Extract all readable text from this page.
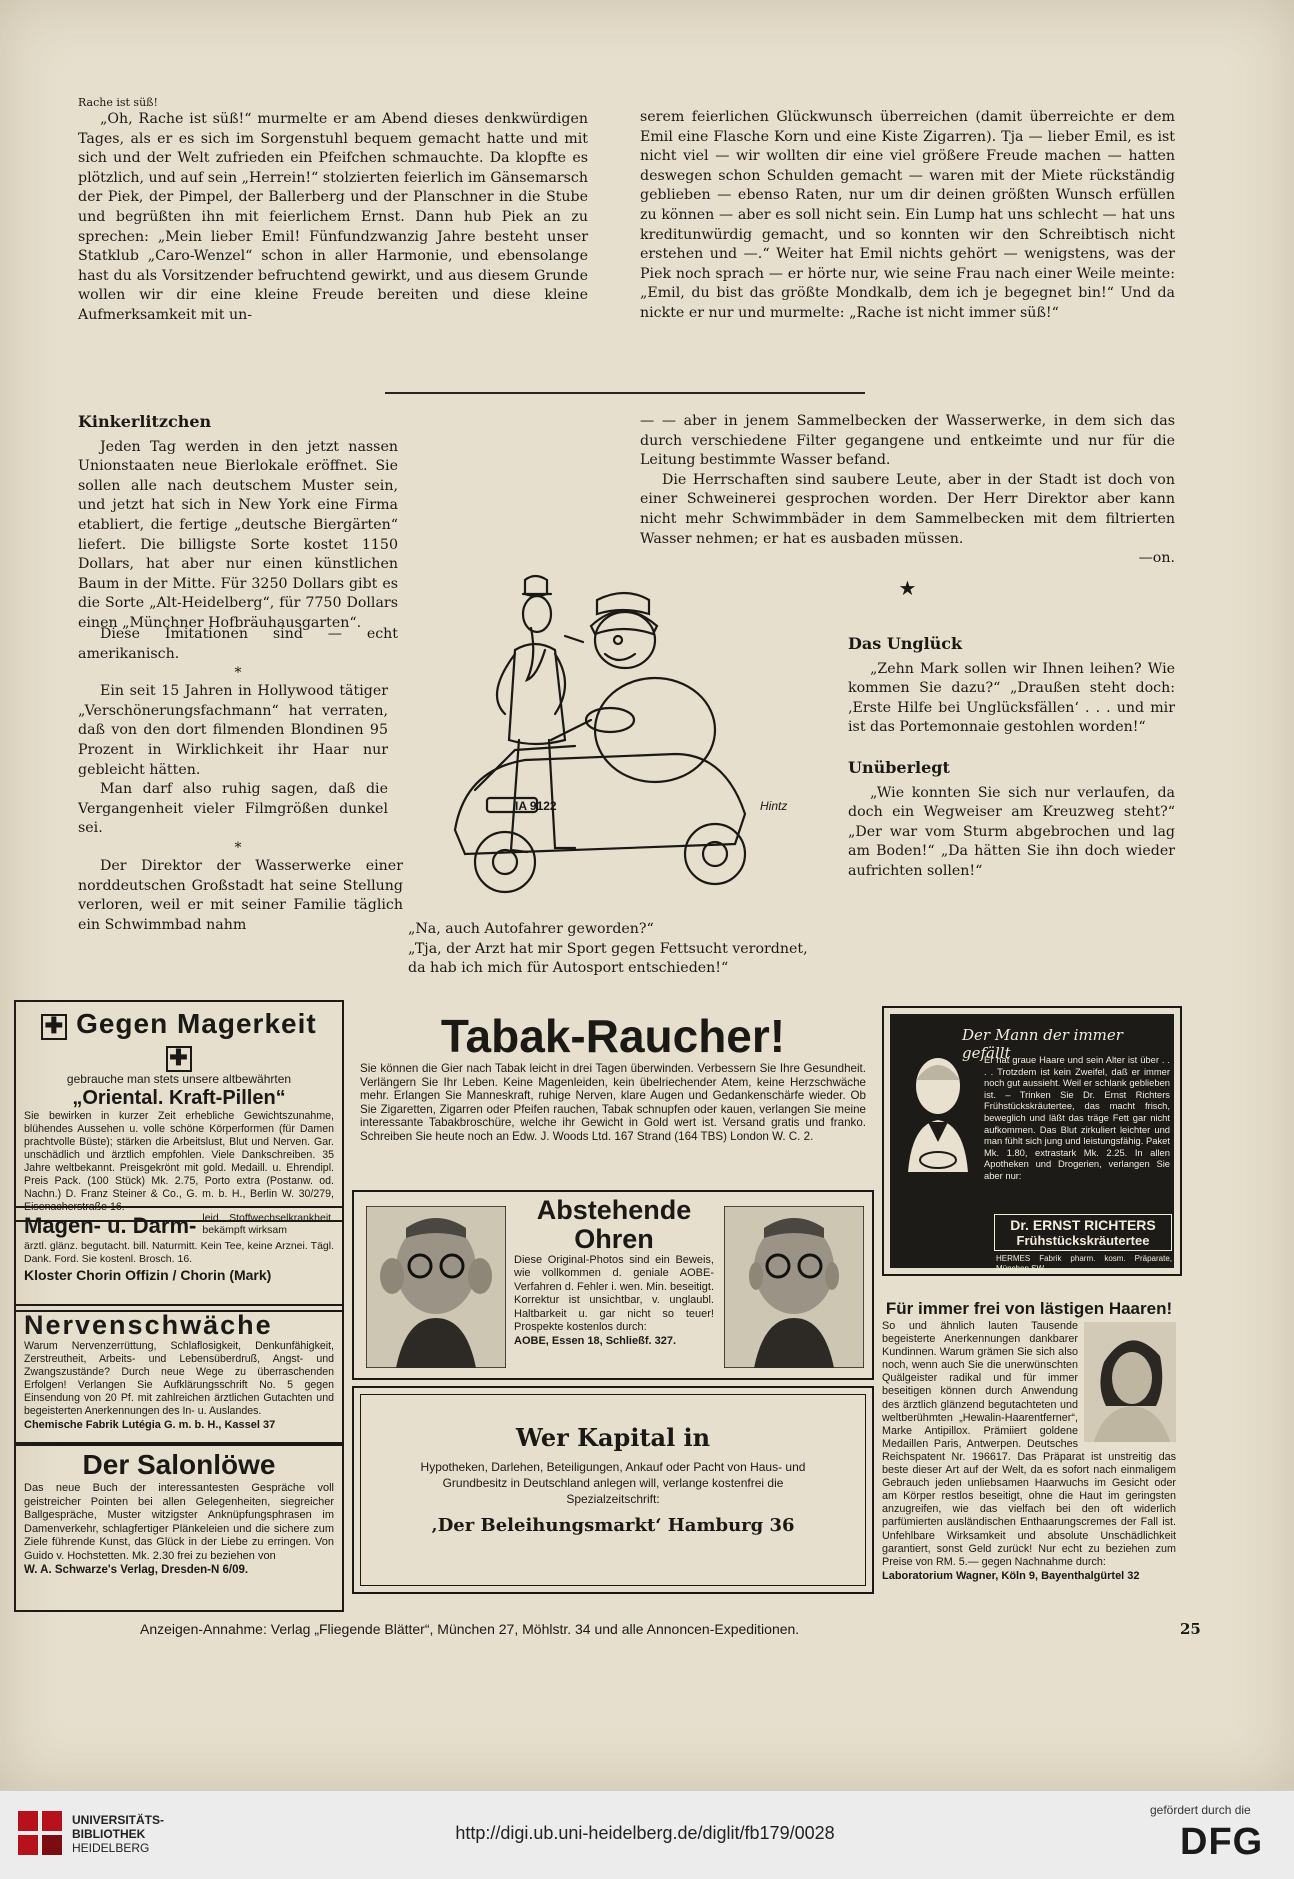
Rache ist süß!

„Oh, Rache ist süß!“ murmelte er am Abend dieses denkwürdigen Tages, als er es sich im Sorgenstuhl bequem gemacht hatte und mit sich und der Welt zufrieden ein Pfeifchen schmauchte. Da klopfte es plötzlich, und auf sein „Herrein!“ stolzierten feierlich im Gänsemarsch der Piek, der Pimpel, der Ballerberg und der Planschner in die Stube und begrüßten ihn mit feierlichem Ernst. Dann hub Piek an zu sprechen: „Mein lieber Emil! Fünfundzwanzig Jahre besteht unser Statklub „Caro-Wenzel“ schon in aller Harmonie, und ebensolange hast du als Vorsitzender befruchtend gewirkt, und aus diesem Grunde wollen wir dir eine kleine Freude bereiten und diese kleine Aufmerksamkeit mit un-

serem feierlichen Glückwunsch überreichen (damit überreichte er dem Emil eine Flasche Korn und eine Kiste Zigarren). Tja — lieber Emil, es ist nicht viel — wir wollten dir eine viel größere Freude machen — hatten deswegen schon Schulden gemacht — waren mit der Miete rückständig geblieben — ebenso Raten, nur um dir deinen größten Wunsch erfüllen zu können — aber es soll nicht sein. Ein Lump hat uns schlecht — hat uns kreditunwürdig gemacht, und so konnten wir den Schreibtisch nicht erstehen und —.“ Weiter hat Emil nichts gehört — wenigstens, was der Piek noch sprach — er hörte nur, wie seine Frau nach einer Weile meinte: „Emil, du bist das größte Mondkalb, dem ich je begegnet bin!“ Und da nickte er nur und murmelte: „Rache ist nicht immer süß!“

Kinkerlitzchen

Jeden Tag werden in den jetzt nassen Unionstaaten neue Bierlokale eröffnet. Sie sollen alle nach deutschem Muster sein, und jetzt hat sich in New York eine Firma etabliert, die fertige „deutsche Biergärten“ liefert. Die billigste Sorte kostet 1150 Dollars, hat aber nur einen künstlichen Baum in der Mitte. Für 3250 Dollars gibt es die Sorte „Alt-Heidelberg“, für 7750 Dollars einen „Münchner Hofbräuhausgarten“.

Diese Imitationen sind — echt amerikanisch.

*

Ein seit 15 Jahren in Hollywood tätiger „Verschönerungsfachmann“ hat verraten, daß von den dort filmenden Blondinen 95 Prozent in Wirklichkeit ihr Haar nur gebleicht hätten.

Man darf also ruhig sagen, daß die Vergangenheit vieler Filmgrößen dunkel sei.

*

Der Direktor der Wasserwerke einer norddeutschen Großstadt hat seine Stellung verloren, weil er mit seiner Familie täglich ein Schwimmbad nahm

IA 9122	Hintz

„Na, auch Autofahrer geworden?“

„Tja, der Arzt hat mir Sport gegen Fettsucht verordnet, da hab ich mich für Autosport entschieden!“

— — aber in jenem Sammelbecken der Wasserwerke, in dem sich das durch verschiedene Filter gegangene und entkeimte und nur für die Leitung bestimmte Wasser befand.

Die Herrschaften sind saubere Leute, aber in der Stadt ist doch von einer Schweinerei gesprochen worden. Der Herr Direktor aber kann nicht mehr Schwimmbäder in dem Sammelbecken mit dem filtrierten Wasser nehmen; er hat es ausbaden müssen.

—on.
★
Das Unglück

„Zehn Mark sollen wir Ihnen leihen? Wie kommen Sie dazu?“ „Draußen steht doch: ‚Erste Hilfe bei Unglücksfällen‘ . . . und mir ist das Portemonnaie gestohlen worden!“

Unüberlegt

„Wie konnten Sie sich nur verlaufen, da doch ein Wegweiser am Kreuzweg steht?“ „Der war vom Sturm abgebrochen und lag am Boden!“ „Da hätten Sie ihn doch wieder aufrichten sollen!“

✚ Gegen Magerkeit ✚
gebrauche man stets unsere altbewährten
„Oriental. Kraft-Pillen“
Sie bewirken in kurzer Zeit erhebliche Gewichtszunahme, blühendes Aussehen u. volle schöne Körperformen (für Damen prachtvolle Büste); stärken die Arbeitslust, Blut und Nerven. Gar. unschädlich und ärztlich empfohlen. Viele Dankschreiben. 35 Jahre weltbekannt. Preisgekrönt mit gold. Medaill. u. Ehrendipl. Preis Pack. (100 Stück) Mk. 2.75, Porto extra (Postanw. od. Nachn.) D. Franz Steiner & Co., G. m. b. H., Berlin W. 30/279, Eisenacherstraße 16.
Magen- u. Darm- leid., Stoffwechselkrankheit. bekämpft wirksam
ärztl. glänz. begutacht. bill. Naturmitt. Kein Tee, keine Arznei. Tägl. Dank. Ford. Sie kostenl. Brosch. 16.
Kloster Chorin Offizin / Chorin (Mark)
Nervenschwäche
Warum Nervenzerrüttung, Schlaflosigkeit, Denkunfähigkeit, Zerstreutheit, Arbeits- und Lebensüberdruß, Angst- und Zwangszustände? Durch neue Wege zu überraschenden Erfolgen! Verlangen Sie Aufklärungsschrift No. 5 gegen Einsendung von 20 Pf. mit zahlreichen ärztlichen Gutachten und begeisterten Anerkennungen des In- u. Auslandes.
Chemische Fabrik Lutégia G. m. b. H., Kassel 37
Der Salonlöwe
Das neue Buch der interessantesten Gespräche voll geistreicher Pointen bei allen Gelegenheiten, siegreicher Ballgespräche, Muster witzigster Anknüpfungsphrasen im Damenverkehr, schlagfertiger Plänkeleien und die sichere zum Ziele führende Kunst, das Glück in der Liebe zu erringen. Von Guido v. Hochstetten. Mk. 2.30 frei zu beziehen von
W. A. Schwarze's Verlag, Dresden-N 6/09.
Tabak-Raucher!
Sie können die Gier nach Tabak leicht in drei Tagen überwinden. Verbessern Sie Ihre Gesundheit. Verlängern Sie Ihr Leben. Keine Magenleiden, kein übelriechender Atem, keine Herzschwäche mehr. Erlangen Sie Manneskraft, ruhige Nerven, klare Augen und Gedankenschärfe wieder. Ob Sie Zigaretten, Zigarren oder Pfeifen rauchen, Tabak schnupfen oder kauen, verlangen Sie meine interessante Tabakbroschüre, welche ihr Gewicht in Gold wert ist. Versand gratis und franko. Schreiben Sie heute noch an Edw. J. Woods Ltd. 167 Strand (164 TBS) London W. C. 2.
Abstehende
Ohren
Diese Original-Photos sind ein Beweis, wie vollkommen d. geniale AOBE-Verfahren d. Fehler i. wen. Min. beseitigt. Korrektur ist unsichtbar, v. unglaubl. Haltbarkeit u. gar nicht so teuer! Prospekte kostenlos durch:
AOBE, Essen 18, Schließf. 327.
Wer Kapital in
Hypotheken, Darlehen, Beteiligungen, Ankauf oder Pacht von Haus- und Grundbesitz in Deutschland anlegen will, verlange kostenfrei die Spezialzeitschrift:
‚Der Beleihungsmarkt‘ Hamburg 36
Der Mann der immer gefällt
Er hat graue Haare und sein Alter ist über . . . . Trotzdem ist kein Zweifel, daß er immer noch gut aussieht. Weil er schlank geblieben ist. – Trinken Sie Dr. Ernst Richters Frühstückskräutertee, das macht frisch, beweglich und läßt das träge Fett gar nicht aufkommen. Das Blut zirkuliert leichter und man fühlt sich jung und leistungsfähig. Paket Mk. 1.80, extrastark Mk. 2.25. In allen Apotheken und Drogerien, verlangen Sie aber nur:
Dr. ERNST RICHTERS
Frühstückskräutertee
HERMES Fabrik pharm. kosm. Präparate, München SW
Für immer frei von lästigen Haaren!
So und ähnlich lauten Tausende begeisterte Anerkennungen dankbarer Kundinnen. Warum grämen Sie sich also noch, wenn auch Sie die unerwünschten Quälgeister radikal und für immer beseitigen können durch Anwendung des ärztlich glänzend begutachteten und weltberühmten „Hewalin-Haarentferner“, Marke Antipillox. Prämiiert goldene Medaillen Paris, Antwerpen. Deutsches Reichspatent Nr. 196617. Das Präparat ist unstreitig das beste dieser Art auf der Welt, da es sofort nach einmaligem Gebrauch jeden unliebsamen Haarwuchs im Gesicht oder am Körper restlos beseitigt, ohne die Haut im geringsten anzugreifen, wie das vielfach bei den oft widerlich parfümierten ausländischen Enthaarungscremes der Fall ist. Unfehlbare Wirksamkeit und absolute Unschädlichkeit garantiert, sonst Geld zurück! Nur echt zu beziehen zum Preise von RM. 5.— gegen Nachnahme durch:
Laboratorium Wagner, Köln 9, Bayenthalgürtel 32
Anzeigen-Annahme: Verlag „Fliegende Blätter“, München 27, Möhlstr. 34 und alle Annoncen-Expeditionen.	25
UNIVERSITÄTS-
BIBLIOTHEK
HEIDELBERG
http://digi.ub.uni-heidelberg.de/diglit/fb179/0028
gefördert durch die
DFG
